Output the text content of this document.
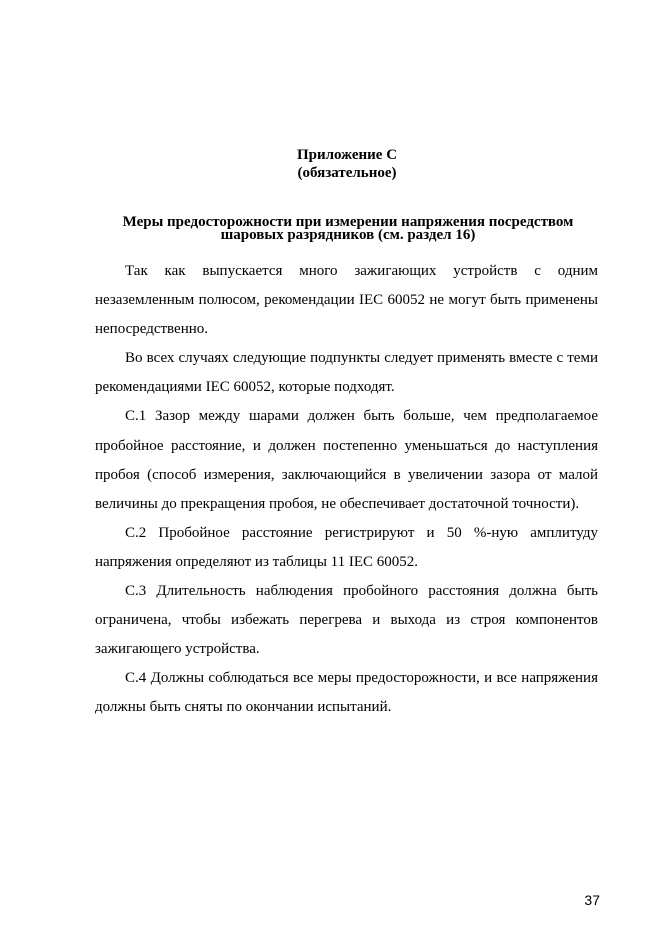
Приложение С
(обязательное)
Меры предосторожности при измерении напряжения посредством
шаровых разрядников (см. раздел 16)

Так как выпускается много зажигающих устройств с одним незаземленным полюсом, рекомендации IEC 60052 не могут быть применены непосредственно.

Во всех случаях следующие подпункты следует применять вместе с теми рекомендациями IEC 60052, которые подходят.

С.1 Зазор между шарами должен быть больше, чем предполагаемое пробойное расстояние, и должен постепенно уменьшаться до наступления пробоя (способ измерения, заключающийся в увеличении зазора от малой величины до прекращения пробоя, не обеспечивает достаточной точности).

С.2 Пробойное расстояние регистрируют и 50 %-ную амплитуду напряжения определяют из таблицы 11 IEC 60052.

С.3 Длительность наблюдения пробойного расстояния должна быть ограничена, чтобы избежать перегрева и выхода из строя компонентов зажигающего устройства.

С.4 Должны соблюдаться все меры предосторожности, и все напряжения должны быть сняты по окончании испытаний.

37
